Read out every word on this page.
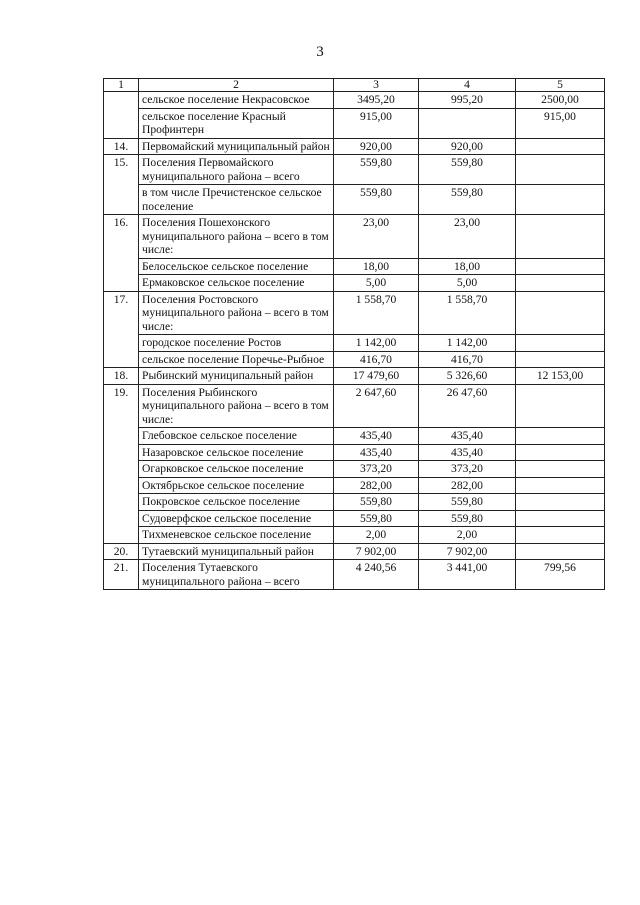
3
1	2	3	4	5
	сельское поселение Некрасовское	3495,20	995,20	2500,00
	сельское поселение Красный Профинтерн	915,00		915,00
14.	Первомайский муниципальный район	920,00	920,00	
15.	Поселения Первомайского муниципального района – всего	559,80	559,80	
	в том числе Пречистенское сельское поселение	559,80	559,80	
16.	Поселения Пошехонского муниципального района – всего в том числе:	23,00	23,00	
	Белосельское сельское поселение	18,00	18,00	
	Ермаковское сельское поселение	5,00	5,00	
17.	Поселения Ростовского муниципального района – всего в том числе:	1 558,70	1 558,70	
	городское поселение Ростов	1 142,00	1 142,00	
	сельское поселение Поречье-Рыбное	416,70	416,70	
18.	Рыбинский муниципальный район	17 479,60	5 326,60	12 153,00
19.	Поселения Рыбинского муниципального района – всего в том числе:	2 647,60	26 47,60	
	Глебовское сельское поселение	435,40	435,40	
	Назаровское сельское поселение	435,40	435,40	
	Огарковское сельское поселение	373,20	373,20	
	Октябрьское сельское поселение	282,00	282,00	
	Покровское сельское поселение	559,80	559,80	
	Судоверфское сельское поселение	559,80	559,80	
	Тихменевское сельское поселение	2,00	2,00	
20.	Тутаевский муниципальный район	7 902,00	7 902,00	
21.	Поселения Тутаевского муниципального района – всего	4 240,56	3 441,00	799,56
